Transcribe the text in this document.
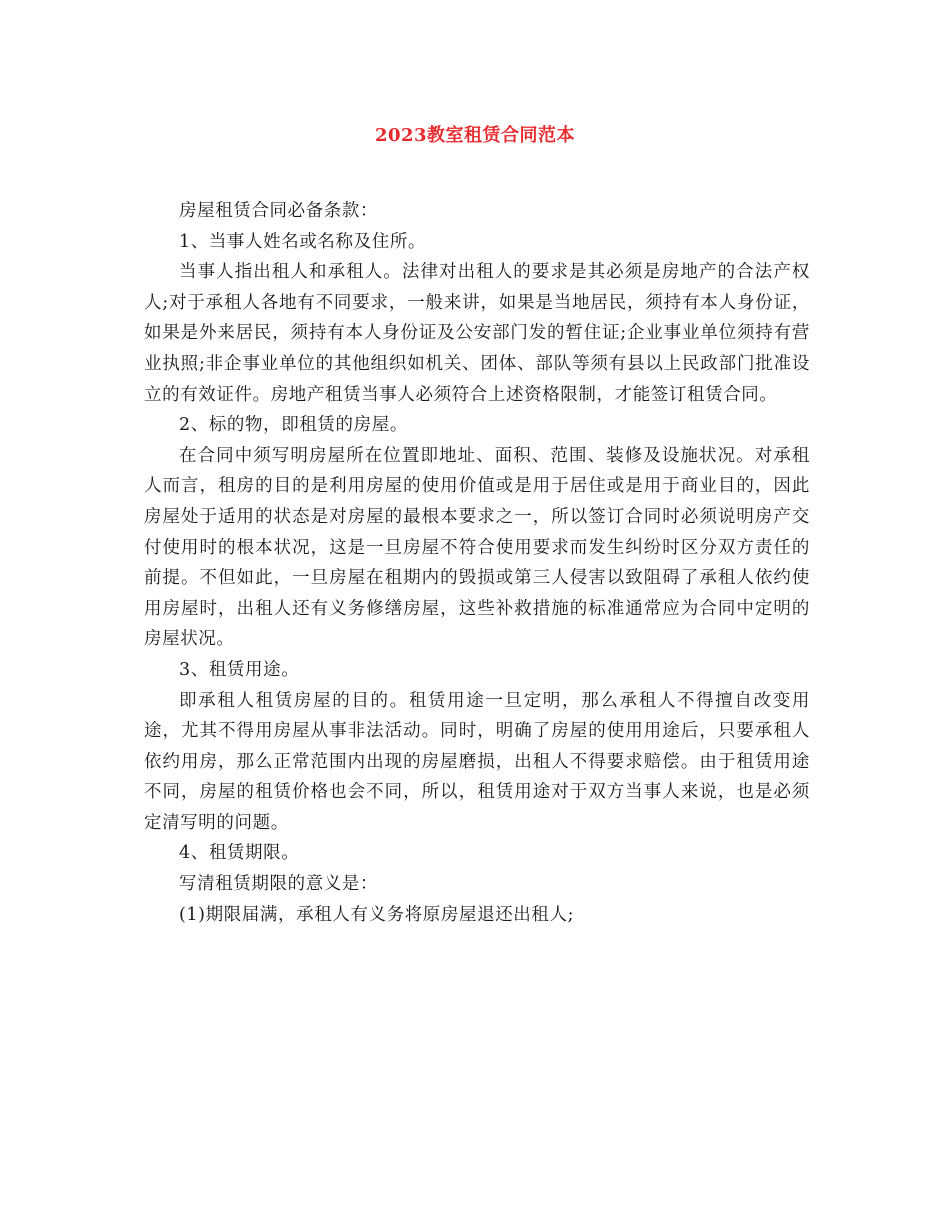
2023教室租赁合同范本

房屋租赁合同必备条款：

1、当事人姓名或名称及住所。

当事人指出租人和承租人。法律对出租人的要求是其必须是房地产的合法产权人;对于承租人各地有不同要求，一般来讲，如果是当地居民，须持有本人身份证，如果是外来居民，须持有本人身份证及公安部门发的暂住证;企业事业单位须持有营业执照;非企事业单位的其他组织如机关、团体、部队等须有县以上民政部门批准设立的有效证件。房地产租赁当事人必须符合上述资格限制，才能签订租赁合同。

2、标的物，即租赁的房屋。

在合同中须写明房屋所在位置即地址、面积、范围、装修及设施状况。对承租人而言，租房的目的是利用房屋的使用价值或是用于居住或是用于商业目的，因此房屋处于适用的状态是对房屋的最根本要求之一，所以签订合同时必须说明房产交付使用时的根本状况，这是一旦房屋不符合使用要求而发生纠纷时区分双方责任的前提。不但如此，一旦房屋在租期内的毁损或第三人侵害以致阻碍了承租人依约使用房屋时，出租人还有义务修缮房屋，这些补救措施的标准通常应为合同中定明的房屋状况。

3、租赁用途。

即承租人租赁房屋的目的。租赁用途一旦定明，那么承租人不得擅自改变用途，尤其不得用房屋从事非法活动。同时，明确了房屋的使用用途后，只要承租人依约用房，那么正常范围内出现的房屋磨损，出租人不得要求赔偿。由于租赁用途不同，房屋的租赁价格也会不同，所以，租赁用途对于双方当事人来说，也是必须定清写明的问题。

4、租赁期限。

写清租赁期限的意义是：

(1)期限届满，承租人有义务将原房屋退还出租人;
